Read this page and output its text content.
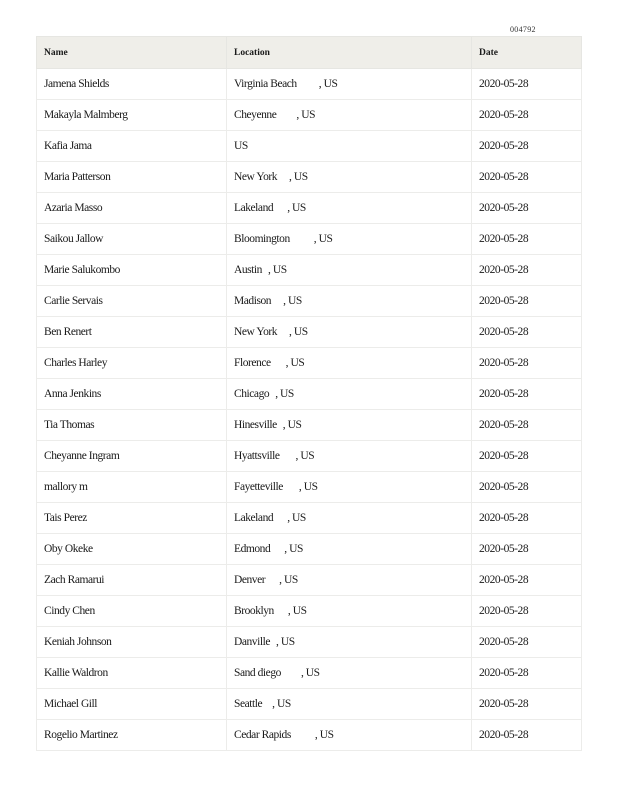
004792
Name	Location	Date
Jamena Shields	Virginia Beach , US	2020-05-28
Makayla Malmberg	Cheyenne , US	2020-05-28
Kafia Jama	US	2020-05-28
Maria Patterson	New York , US	2020-05-28
Azaria Masso	Lakeland , US	2020-05-28
Saikou Jallow	Bloomington , US	2020-05-28
Marie Salukombo	Austin , US	2020-05-28
Carlie Servais	Madison , US	2020-05-28
Ben Renert	New York , US	2020-05-28
Charles Harley	Florence , US	2020-05-28
Anna Jenkins	Chicago , US	2020-05-28
Tia Thomas	Hinesville , US	2020-05-28
Cheyanne Ingram	Hyattsville , US	2020-05-28
mallory m	Fayetteville , US	2020-05-28
Tais Perez	Lakeland , US	2020-05-28
Oby Okeke	Edmond , US	2020-05-28
Zach Ramarui	Denver , US	2020-05-28
Cindy Chen	Brooklyn , US	2020-05-28
Keniah Johnson	Danville , US	2020-05-28
Kallie Waldron	Sand diego , US	2020-05-28
Michael Gill	Seattle , US	2020-05-28
Rogelio Martinez	Cedar Rapids , US	2020-05-28
